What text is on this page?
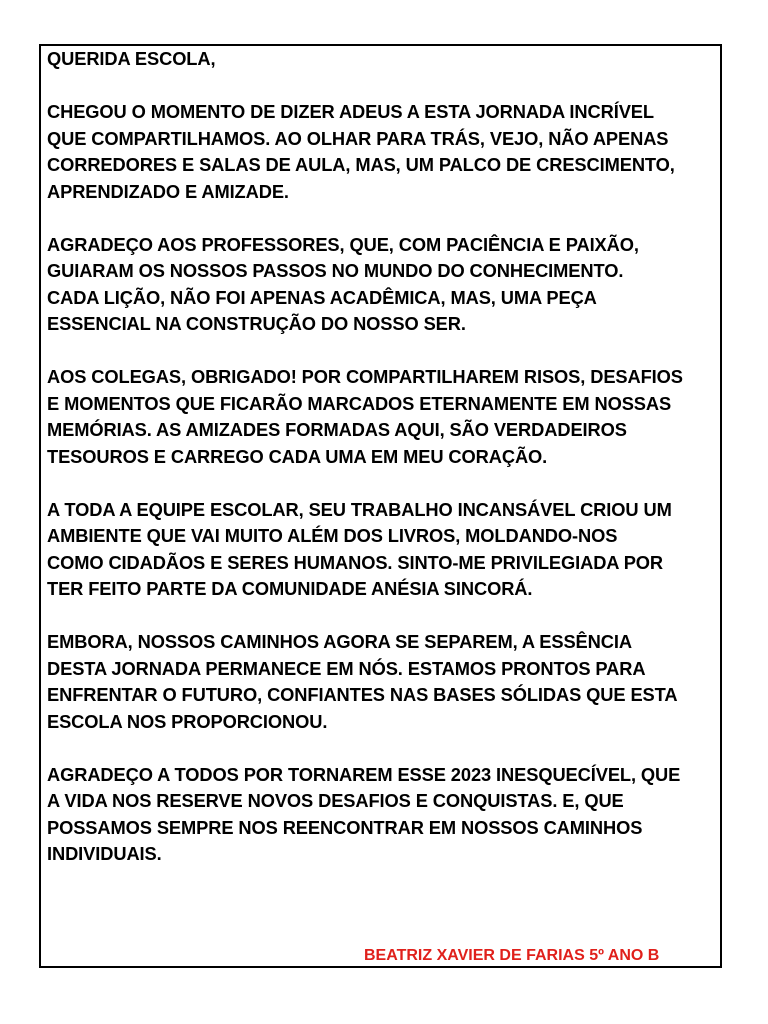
QUERIDA ESCOLA,
CHEGOU O MOMENTO DE DIZER ADEUS A ESTA JORNADA INCRÍVEL
QUE COMPARTILHAMOS. AO OLHAR PARA TRÁS, VEJO, NÃO APENAS
CORREDORES E SALAS DE AULA, MAS, UM PALCO DE CRESCIMENTO,
APRENDIZADO E AMIZADE.
AGRADEÇO AOS PROFESSORES, QUE, COM PACIÊNCIA E PAIXÃO,
GUIARAM OS NOSSOS PASSOS NO MUNDO DO CONHECIMENTO.
CADA LIÇÃO, NÃO FOI APENAS ACADÊMICA, MAS, UMA PEÇA
ESSENCIAL NA CONSTRUÇÃO DO NOSSO SER.
AOS COLEGAS, OBRIGADO! POR COMPARTILHAREM RISOS, DESAFIOS
E MOMENTOS QUE FICARÃO MARCADOS ETERNAMENTE EM NOSSAS
MEMÓRIAS. AS AMIZADES FORMADAS AQUI, SÃO VERDADEIROS
TESOUROS E CARREGO CADA UMA EM MEU CORAÇÃO.
A TODA A EQUIPE ESCOLAR, SEU TRABALHO INCANSÁVEL CRIOU UM
AMBIENTE QUE VAI MUITO ALÉM DOS LIVROS, MOLDANDO-NOS
COMO CIDADÃOS E SERES HUMANOS. SINTO-ME PRIVILEGIADA POR
TER FEITO PARTE DA COMUNIDADE ANÉSIA SINCORÁ.
EMBORA, NOSSOS CAMINHOS AGORA SE SEPAREM, A ESSÊNCIA
DESTA JORNADA PERMANECE EM NÓS. ESTAMOS PRONTOS PARA
ENFRENTAR O FUTURO, CONFIANTES NAS BASES SÓLIDAS QUE ESTA
ESCOLA NOS PROPORCIONOU.
AGRADEÇO A TODOS POR TORNAREM ESSE 2023 INESQUECÍVEL, QUE
A VIDA NOS RESERVE NOVOS DESAFIOS E CONQUISTAS. E, QUE
POSSAMOS SEMPRE NOS REENCONTRAR EM NOSSOS CAMINHOS
INDIVIDUAIS.
BEATRIZ XAVIER DE FARIAS 5º ANO B
